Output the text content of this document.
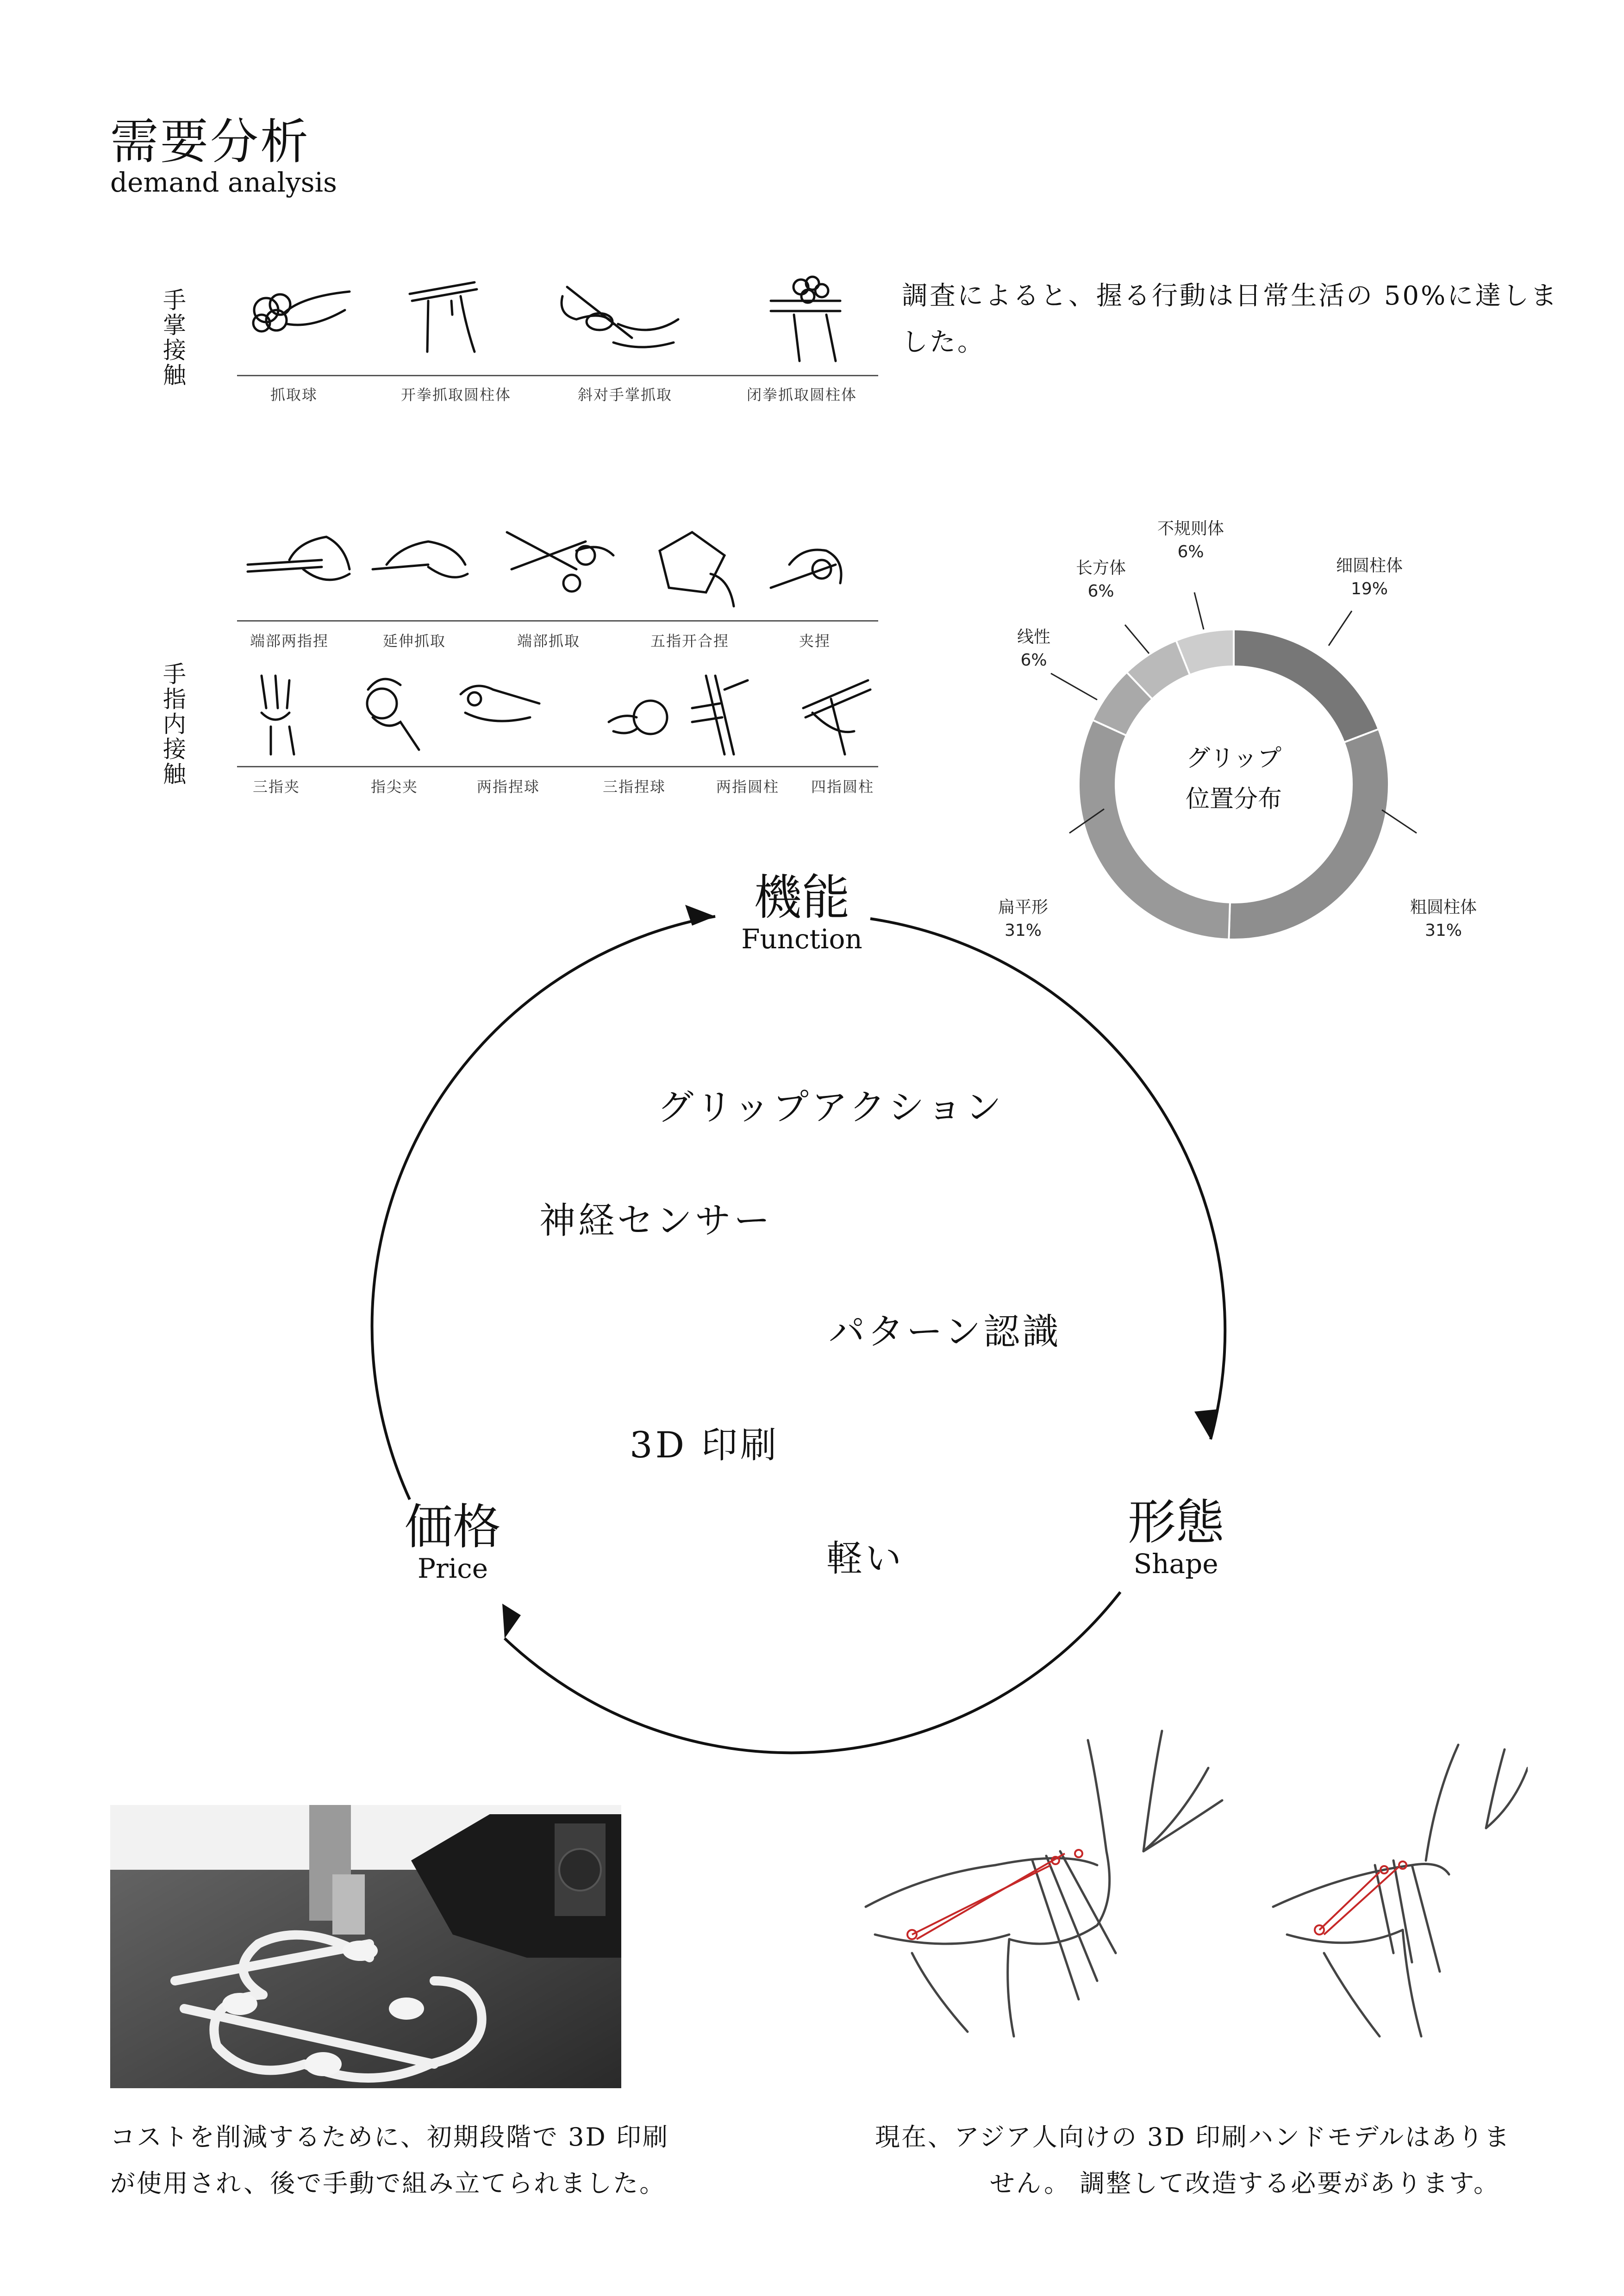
需要分析
demand analysis
手掌接触
抓取球	开拳抓取圆柱体	斜对手掌抓取	闭拳抓取圆柱体
調査によると、握る行動は日常生活の 50%に達しました。
手指内接触
端部两指捏	延伸抓取	端部抓取	五指开合捏	夹捏
三指夹	指尖夹	两指捏球	三指捏球	两指圆柱	四指圆柱
グリップ
位置分布
细圆柱体
19%
粗圆柱体
31%
扁平形
31%
线性
6%
长方体
6%
不规则体
6%
機能
Function
形態
Shape
価格
Price
グリップアクション
神経センサー
パターン認識
3D 印刷
軽い
コストを削減するために、初期段階で 3D 印刷
が使用され、後で手動で組み立てられました。
現在、アジア人向けの 3D 印刷ハンドモデルはありま
せん。 調整して改造する必要があります。
